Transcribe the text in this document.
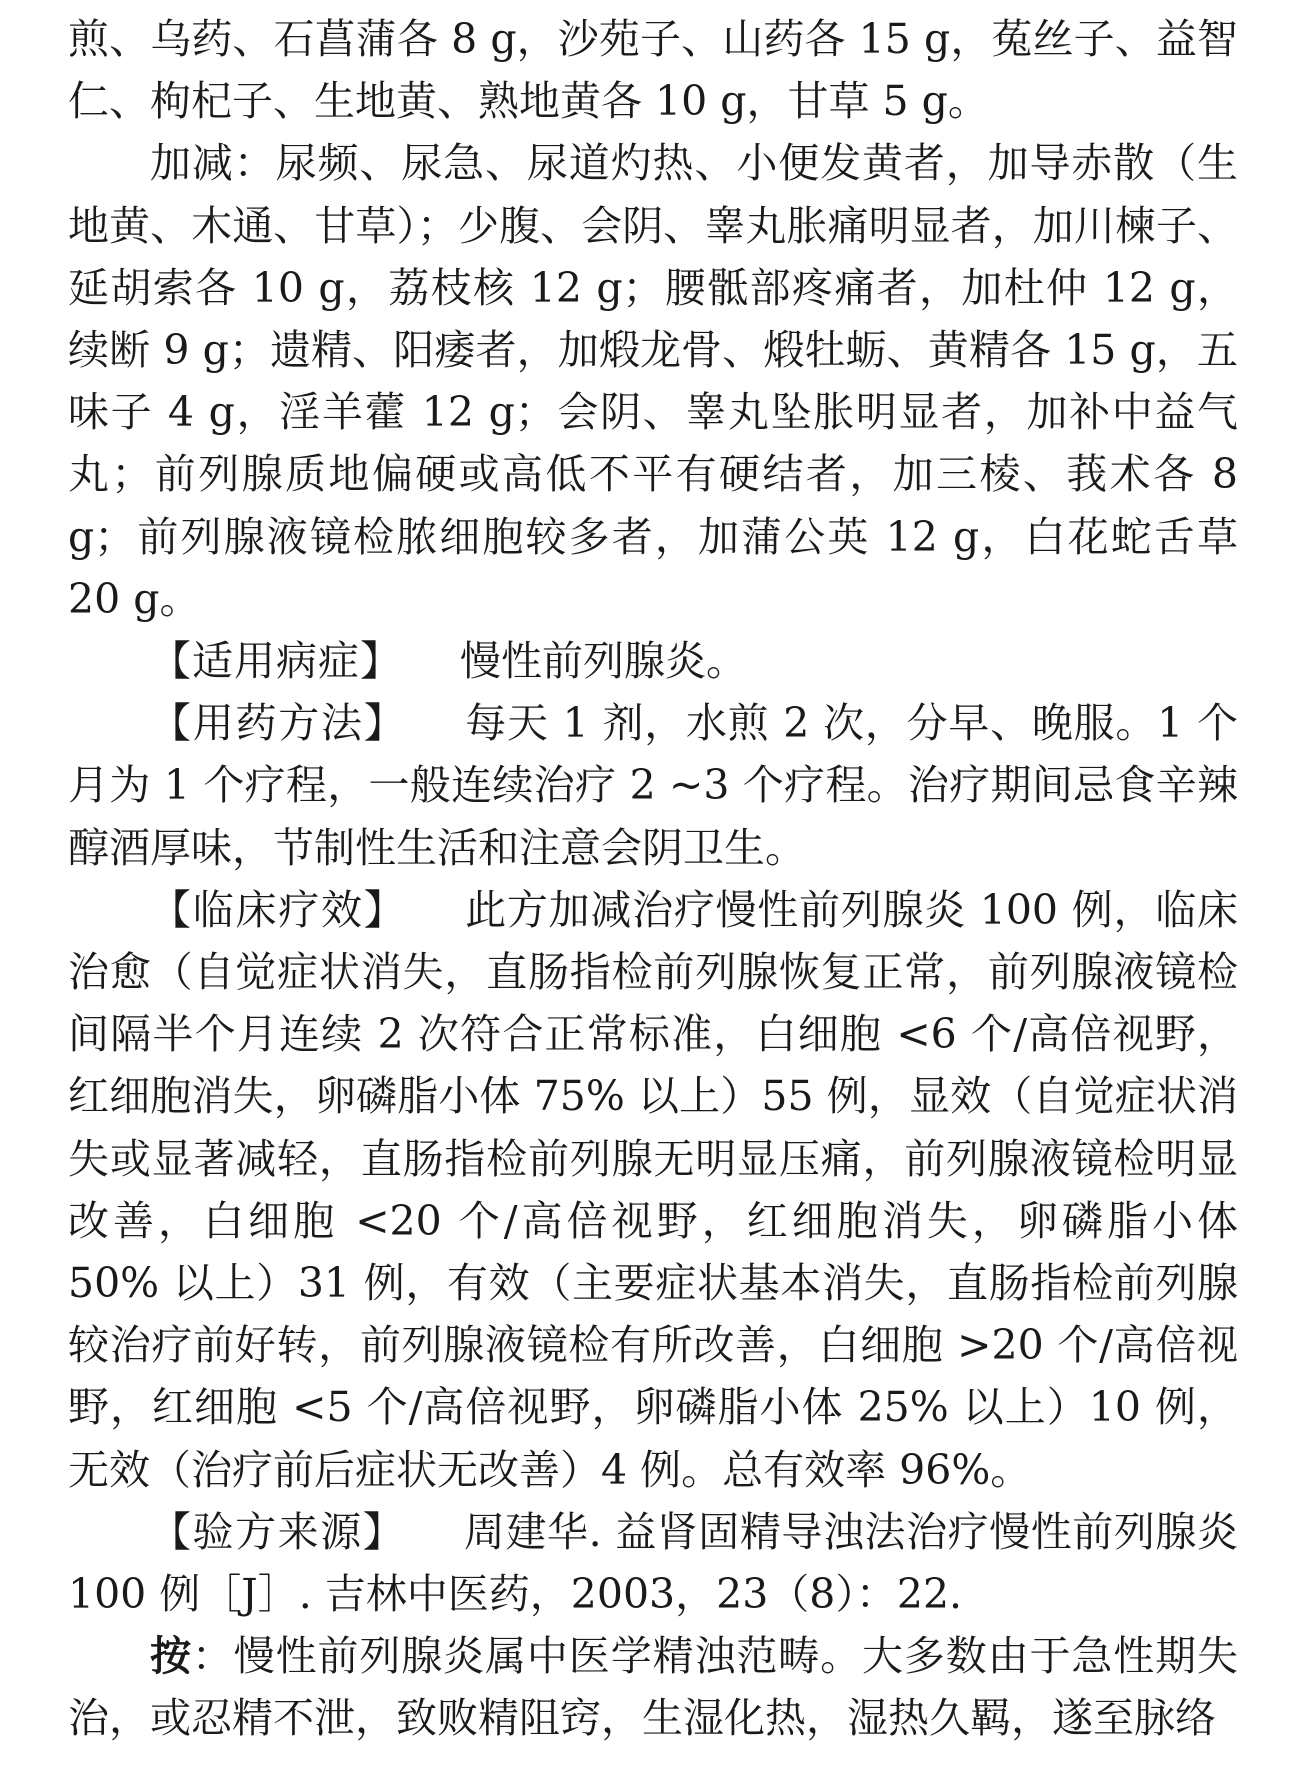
煎、乌药、石菖蒲各 8 g，沙苑子、山药各 15 g，菟丝子、益智仁、枸杞子、生地黄、熟地黄各 10 g，甘草 5 g。

加减：尿频、尿急、尿道灼热、小便发黄者，加导赤散（生地黄、木通、甘草）；少腹、会阴、睾丸胀痛明显者，加川楝子、延胡索各 10 g，荔枝核 12 g；腰骶部疼痛者，加杜仲 12 g，续断 9 g；遗精、阳痿者，加煅龙骨、煅牡蛎、黄精各 15 g，五味子 4 g，淫羊藿 12 g；会阴、睾丸坠胀明显者，加补中益气丸；前列腺质地偏硬或高低不平有硬结者，加三棱、莪术各 8 g；前列腺液镜检脓细胞较多者，加蒲公英 12 g，白花蛇舌草 20 g。

【适用病症】 慢性前列腺炎。

【用药方法】 每天 1 剂，水煎 2 次，分早、晚服。1 个月为 1 个疗程，一般连续治疗 2 ~3 个疗程。治疗期间忌食辛辣醇酒厚味，节制性生活和注意会阴卫生。

【临床疗效】 此方加减治疗慢性前列腺炎 100 例，临床治愈（自觉症状消失，直肠指检前列腺恢复正常，前列腺液镜检间隔半个月连续 2 次符合正常标准，白细胞 <6 个/高倍视野，红细胞消失，卵磷脂小体 75% 以上）55 例，显效（自觉症状消失或显著减轻，直肠指检前列腺无明显压痛，前列腺液镜检明显改善，白细胞 <20 个/高倍视野，红细胞消失，卵磷脂小体 50% 以上）31 例，有效（主要症状基本消失，直肠指检前列腺较治疗前好转，前列腺液镜检有所改善，白细胞 >20 个/高倍视野，红细胞 <5 个/高倍视野，卵磷脂小体 25% 以上）10 例，无效（治疗前后症状无改善）4 例。总有效率 96%。

【验方来源】 周建华. 益肾固精导浊法治疗慢性前列腺炎 100 例［J］. 吉林中医药，2003，23（8）：22.

按：慢性前列腺炎属中医学精浊范畴。大多数由于急性期失治，或忍精不泄，致败精阻窍，生湿化热，湿热久羁，遂至脉络
